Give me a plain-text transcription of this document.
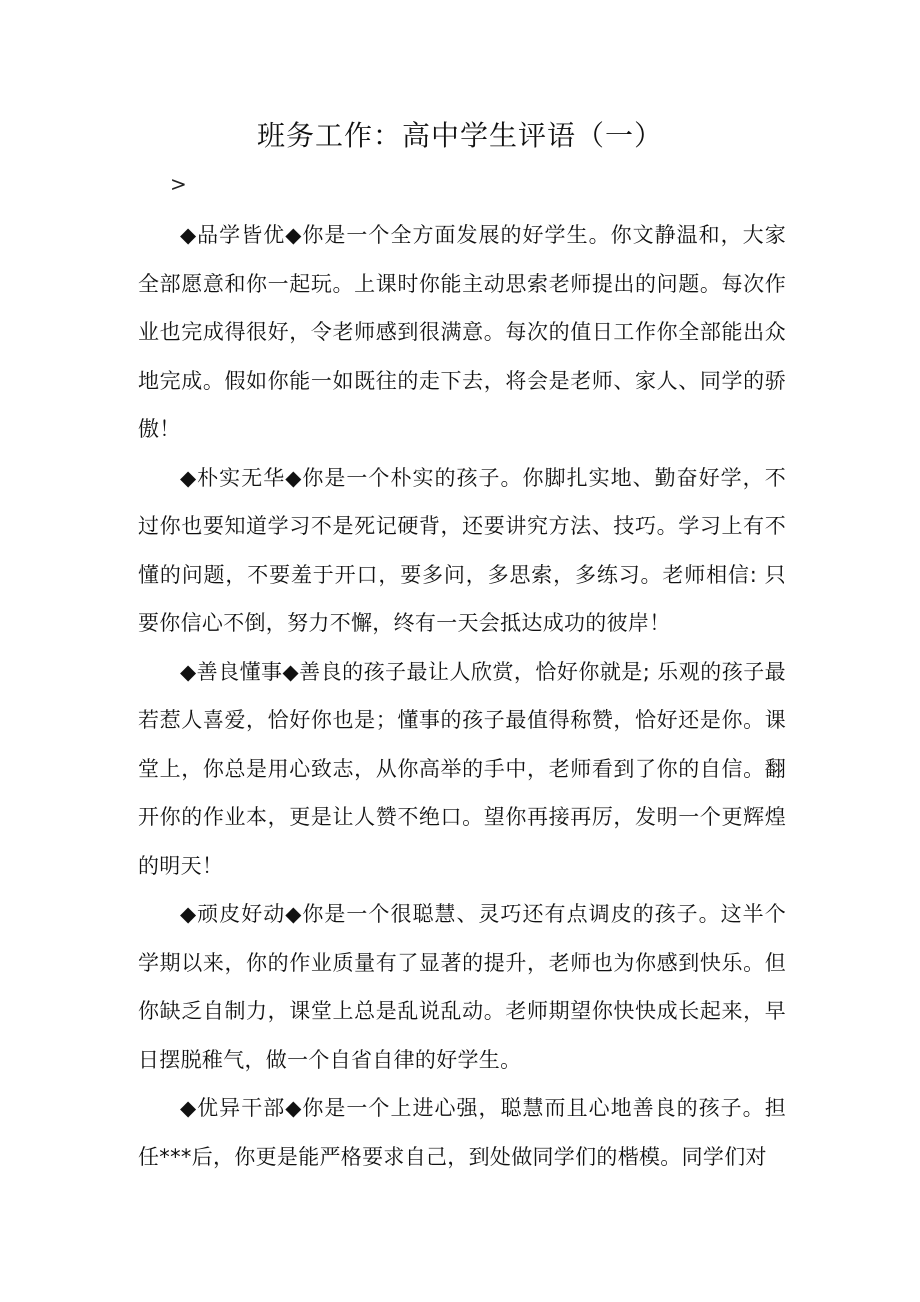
班务工作：高中学生评语（一）
>

◆品学皆优◆你是一个全方面发展的好学生。你文静温和，大家全部愿意和你一起玩。上课时你能主动思索老师提出的问题。每次作业也完成得很好，令老师感到很满意。每次的值日工作你全部能出众地完成。假如你能一如既往的走下去，将会是老师、家人、同学的骄傲！

◆朴实无华◆你是一个朴实的孩子。你脚扎实地、勤奋好学，不过你也要知道学习不是死记硬背，还要讲究方法、技巧。学习上有不懂的问题，不要羞于开口，要多问，多思索，多练习。老师相信: 只要你信心不倒，努力不懈，终有一天会抵达成功的彼岸！

◆善良懂事◆善良的孩子最让人欣赏，恰好你就是; 乐观的孩子最若惹人喜爱，恰好你也是；懂事的孩子最值得称赞，恰好还是你。课堂上，你总是用心致志，从你高举的手中，老师看到了你的自信。翻开你的作业本，更是让人赞不绝口。望你再接再厉，发明一个更辉煌的明天！

◆顽皮好动◆你是一个很聪慧、灵巧还有点调皮的孩子。这半个学期以来，你的作业质量有了显著的提升，老师也为你感到快乐。但你缺乏自制力，课堂上总是乱说乱动。老师期望你快快成长起来，早日摆脱稚气，做一个自省自律的好学生。

◆优异干部◆你是一个上进心强，聪慧而且心地善良的孩子。担任***后，你更是能严格要求自己，到处做同学们的楷模。同学们对
